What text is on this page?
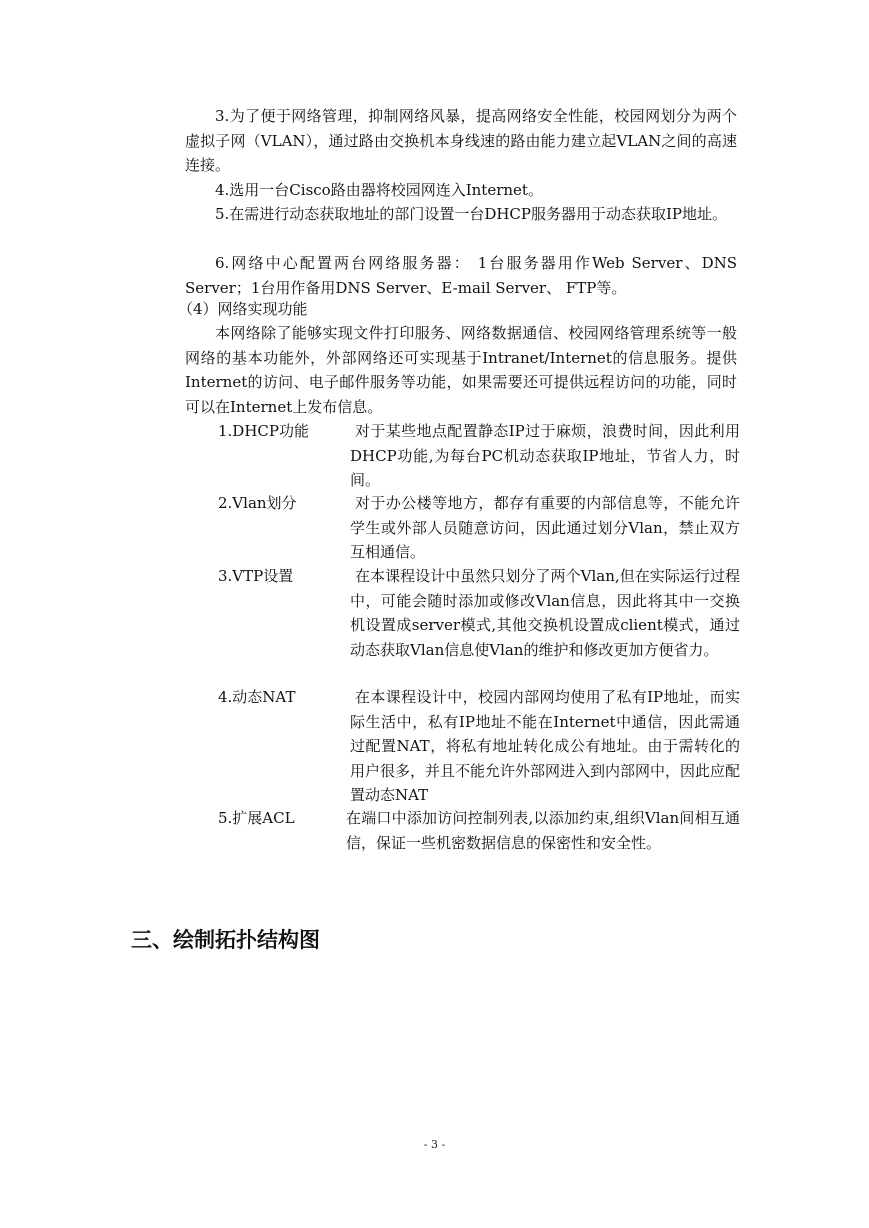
3.为了便于网络管理，抑制网络风暴，提高网络安全性能，校园网划分为两个虚拟子网（VLAN），通过路由交换机本身线速的路由能力建立起VLAN之间的高速连接。

4.选用一台Cisco路由器将校园网连入Internet。

5.在需进行动态获取地址的部门设置一台DHCP服务器用于动态获取IP地址。

6.网络中心配置两台网络服务器： 1台服务器用作Web Server、DNS Server；1台用作备用DNS Server、E-mail Server、 FTP等。

（4）网络实现功能

本网络除了能够实现文件打印服务、网络数据通信、校园网络管理系统等一般网络的基本功能外，外部网络还可实现基于Intranet/Internet的信息服务。提供Internet的访问、电子邮件服务等功能，如果需要还可提供远程访问的功能，同时可以在Internet上发布信息。

1.DHCP功能	对于某些地点配置静态IP过于麻烦，浪费时间，因此利用DHCP功能,为每台PC机动态获取IP地址，节省人力，时间。

2.Vlan划分	对于办公楼等地方，都存有重要的内部信息等，不能允许学生或外部人员随意访问，因此通过划分Vlan，禁止双方互相通信。

3.VTP设置	在本课程设计中虽然只划分了两个Vlan,但在实际运行过程中，可能会随时添加或修改Vlan信息，因此将其中一交换机设置成server模式,其他交换机设置成client模式，通过动态获取Vlan信息使Vlan的维护和修改更加方便省力。

4.动态NAT	在本课程设计中，校园内部网均使用了私有IP地址，而实际生活中，私有IP地址不能在Internet中通信，因此需通过配置NAT，将私有地址转化成公有地址。由于需转化的用户很多，并且不能允许外部网进入到内部网中，因此应配置动态NAT

5.扩展ACL	在端口中添加访问控制列表,以添加约束,组织Vlan间相互通信，保证一些机密数据信息的保密性和安全性。

三、绘制拓扑结构图
- 3 -
